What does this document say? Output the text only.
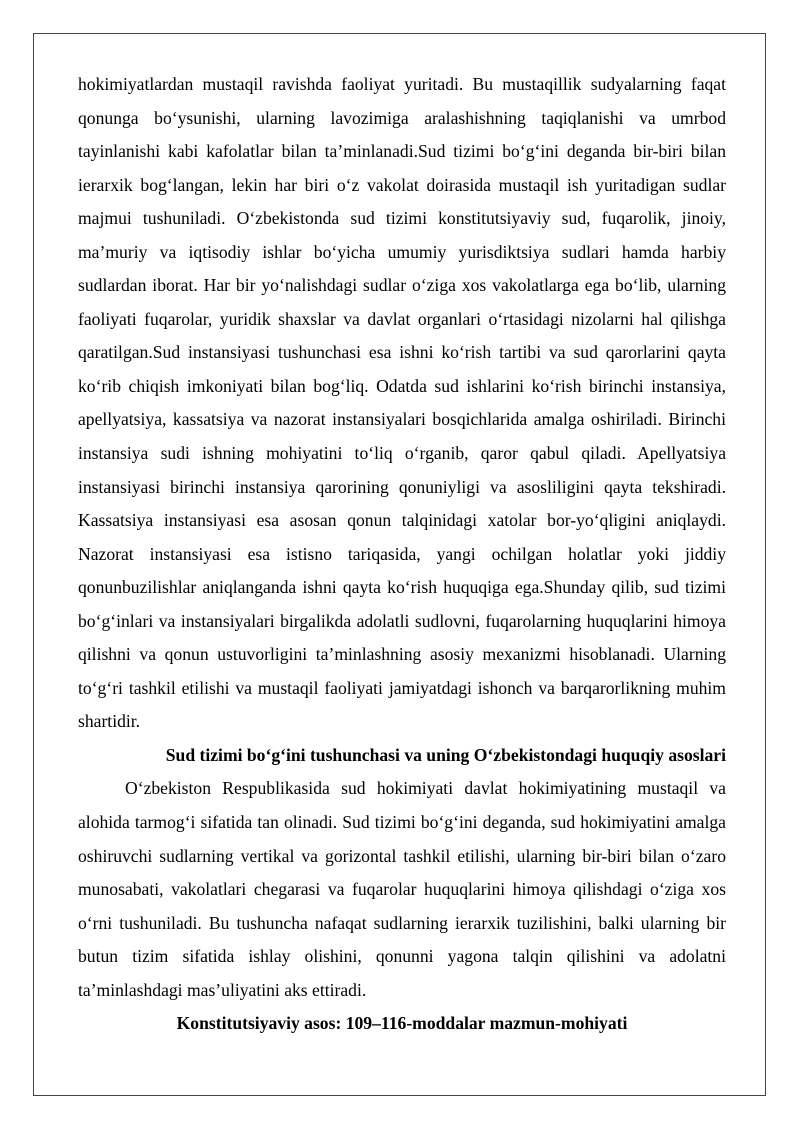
hokimiyatlardan mustaqil ravishda faoliyat yuritadi. Bu mustaqillik sudyalarning faqat qonunga bo‘ysunishi, ularning lavozimiga aralashishning taqiqlanishi va umrbod tayinlanishi kabi kafolatlar bilan ta’minlanadi.Sud tizimi bo‘g‘ini deganda bir-biri bilan ierarxik bog‘langan, lekin har biri o‘z vakolat doirasida mustaqil ish yuritadigan sudlar majmui tushuniladi. O‘zbekistonda sud tizimi konstitutsiyaviy sud, fuqarolik, jinoiy, ma’muriy va iqtisodiy ishlar bo‘yicha umumiy yurisdiktsiya sudlari hamda harbiy sudlardan iborat. Har bir yo‘nalishdagi sudlar o‘ziga xos vakolatlarga ega bo‘lib, ularning faoliyati fuqarolar, yuridik shaxslar va davlat organlari o‘rtasidagi nizolarni hal qilishga qaratilgan.Sud instansiyasi tushunchasi esa ishni ko‘rish tartibi va sud qarorlarini qayta ko‘rib chiqish imkoniyati bilan bog‘liq. Odatda sud ishlarini ko‘rish birinchi instansiya, apellyatsiya, kassatsiya va nazorat instansiyalari bosqichlarida amalga oshiriladi. Birinchi instansiya sudi ishning mohiyatini to‘liq o‘rganib, qaror qabul qiladi. Apellyatsiya instansiyasi birinchi instansiya qarorining qonuniyligi va asosliligini qayta tekshiradi. Kassatsiya instansiyasi esa asosan qonun talqinidagi xatolar bor-yo‘qligini aniqlaydi. Nazorat instansiyasi esa istisno tariqasida, yangi ochilgan holatlar yoki jiddiy qonunbuzilishlar aniqlanganda ishni qayta ko‘rish huquqiga ega.Shunday qilib, sud tizimi bo‘g‘inlari va instansiyalari birgalikda adolatli sudlovni, fuqarolarning huquqlarini himoya qilishni va qonun ustuvorligini ta’minlashning asosiy mexanizmi hisoblanadi. Ularning to‘g‘ri tashkil etilishi va mustaqil faoliyati jamiyatdagi ishonch va barqarorlikning muhim shartidir.

Sud tizimi bo‘g‘ini tushunchasi va uning O‘zbekistondagi huquqiy asoslari

O‘zbekiston Respublikasida sud hokimiyati davlat hokimiyatining mustaqil va alohida tarmog‘i sifatida tan olinadi. Sud tizimi bo‘g‘ini deganda, sud hokimiyatini amalga oshiruvchi sudlarning vertikal va gorizontal tashkil etilishi, ularning bir-biri bilan o‘zaro munosabati, vakolatlari chegarasi va fuqarolar huquqlarini himoya qilishdagi o‘ziga xos o‘rni tushuniladi. Bu tushuncha nafaqat sudlarning ierarxik tuzilishini, balki ularning bir butun tizim sifatida ishlay olishini, qonunni yagona talqin qilishini va adolatni ta’minlashdagi mas’uliyatini aks ettiradi.

Konstitutsiyaviy asos: 109–116-moddalar mazmun-mohiyati
